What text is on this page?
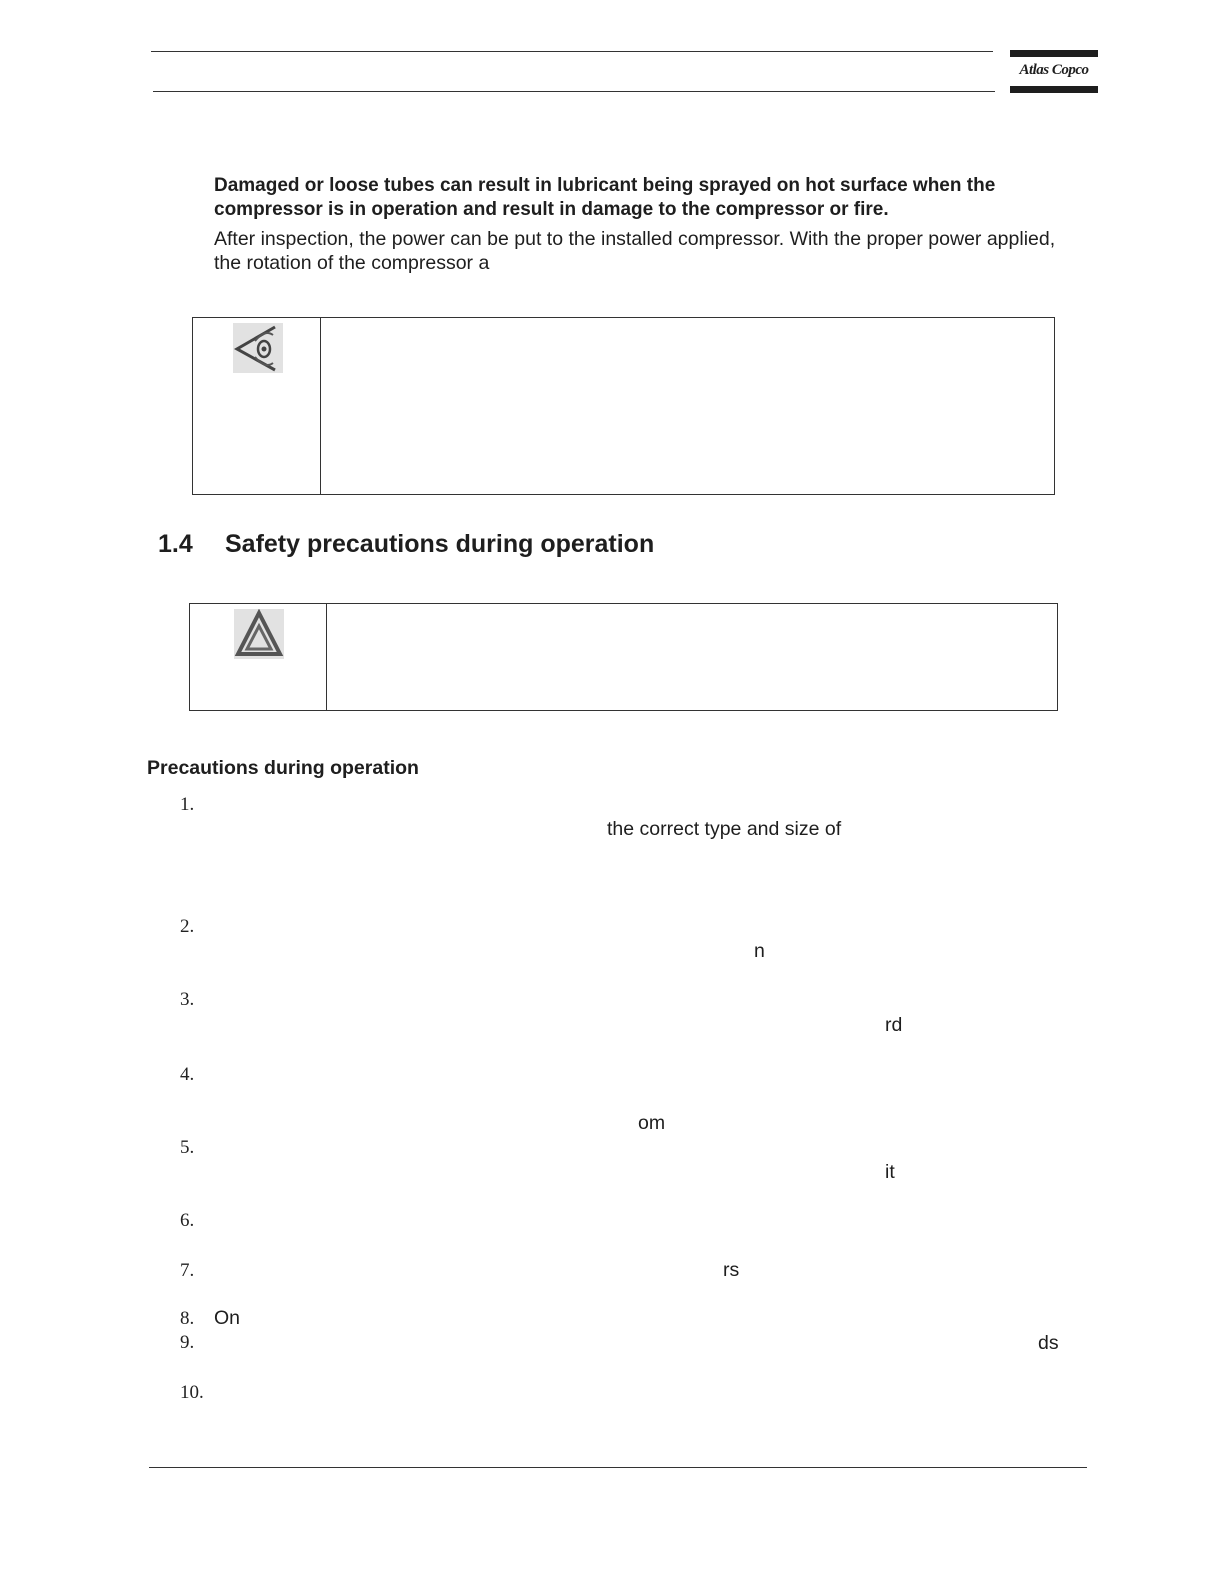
Atlas Copco
Damaged or loose tubes can result in lubricant being sprayed on hot surface when the compressor is in operation and result in damage to the compressor or fire.
After inspection, the power can be put to the installed compressor. With the proper power applied, the rotation of the compressor a
1.4 Safety precautions during operation
Precautions during operation
1.
2.
3.
4.
5.
6.
7.
8.
9.
10.
the correct type and size of
n
rd
om
it
rs
On
ds
